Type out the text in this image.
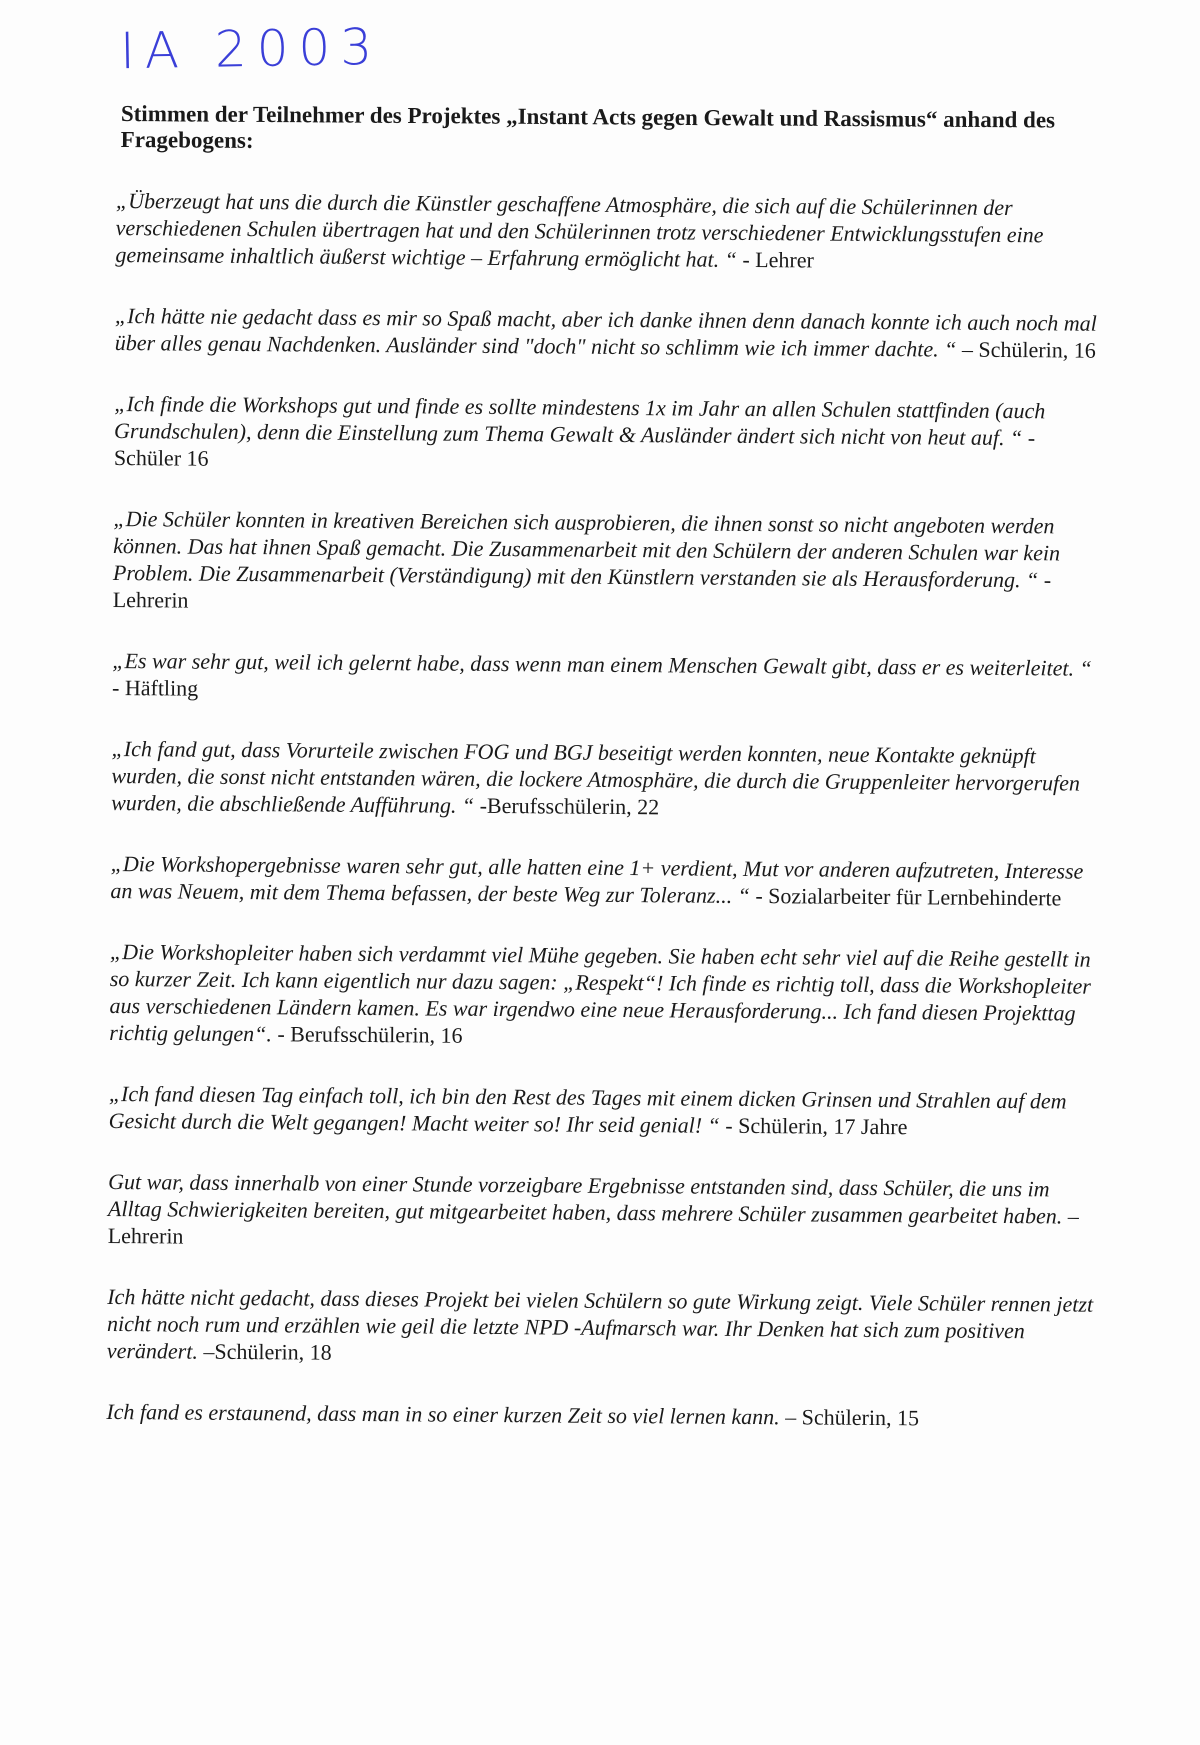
IA 2003
Stimmen der Teilnehmer des Projektes „Instant Acts gegen Gewalt und Rassismus“ anhand des Fragebogens:

„Überzeugt hat uns die durch die Künstler geschaffene Atmosphäre, die sich auf die Schülerinnen der verschiedenen Schulen übertragen hat und den Schülerinnen trotz verschiedener Entwicklungsstufen eine gemeinsame inhaltlich äußerst wichtige – Erfahrung ermöglicht hat. “ - Lehrer

„Ich hätte nie gedacht dass es mir so Spaß macht, aber ich danke ihnen denn danach konnte ich auch noch mal über alles genau Nachdenken. Ausländer sind "doch" nicht so schlimm wie ich immer dachte. “ – Schülerin, 16

„Ich finde die Workshops gut und finde es sollte mindestens 1x im Jahr an allen Schulen stattfinden (auch Grundschulen), denn die Einstellung zum Thema Gewalt & Ausländer ändert sich nicht von heut auf. “ - Schüler 16

„Die Schüler konnten in kreativen Bereichen sich ausprobieren, die ihnen sonst so nicht angeboten werden können. Das hat ihnen Spaß gemacht. Die Zusammenarbeit mit den Schülern der anderen Schulen war kein Problem. Die Zusammenarbeit (Verständigung) mit den Künstlern verstanden sie als Herausforderung. “ - Lehrerin

„Es war sehr gut, weil ich gelernt habe, dass wenn man einem Menschen Gewalt gibt, dass er es weiterleitet. “ - Häftling

„Ich fand gut, dass Vorurteile zwischen FOG und BGJ beseitigt werden konnten, neue Kontakte geknüpft wurden, die sonst nicht entstanden wären, die lockere Atmosphäre, die durch die Gruppenleiter hervorgerufen wurden, die abschließende Aufführung. “ -Berufsschülerin, 22

„Die Workshopergebnisse waren sehr gut, alle hatten eine 1+ verdient, Mut vor anderen aufzutreten, Interesse an was Neuem, mit dem Thema befassen, der beste Weg zur Toleranz... “ - Sozialarbeiter für Lernbehinderte

„Die Workshopleiter haben sich verdammt viel Mühe gegeben. Sie haben echt sehr viel auf die Reihe gestellt in so kurzer Zeit. Ich kann eigentlich nur dazu sagen: „Respekt“! Ich finde es richtig toll, dass die Workshopleiter aus verschiedenen Ländern kamen. Es war irgendwo eine neue Herausforderung... Ich fand diesen Projekttag richtig gelungen“. - Berufsschülerin, 16

„Ich fand diesen Tag einfach toll, ich bin den Rest des Tages mit einem dicken Grinsen und Strahlen auf dem Gesicht durch die Welt gegangen! Macht weiter so! Ihr seid genial! “ - Schülerin, 17 Jahre

Gut war, dass innerhalb von einer Stunde vorzeigbare Ergebnisse entstanden sind, dass Schüler, die uns im Alltag Schwierigkeiten bereiten, gut mitgearbeitet haben, dass mehrere Schüler zusammen gearbeitet haben. – Lehrerin

Ich hätte nicht gedacht, dass dieses Projekt bei vielen Schülern so gute Wirkung zeigt. Viele Schüler rennen jetzt nicht noch rum und erzählen wie geil die letzte NPD -Aufmarsch war. Ihr Denken hat sich zum positiven verändert. –Schülerin, 18

Ich fand es erstaunend, dass man in so einer kurzen Zeit so viel lernen kann. – Schülerin, 15
